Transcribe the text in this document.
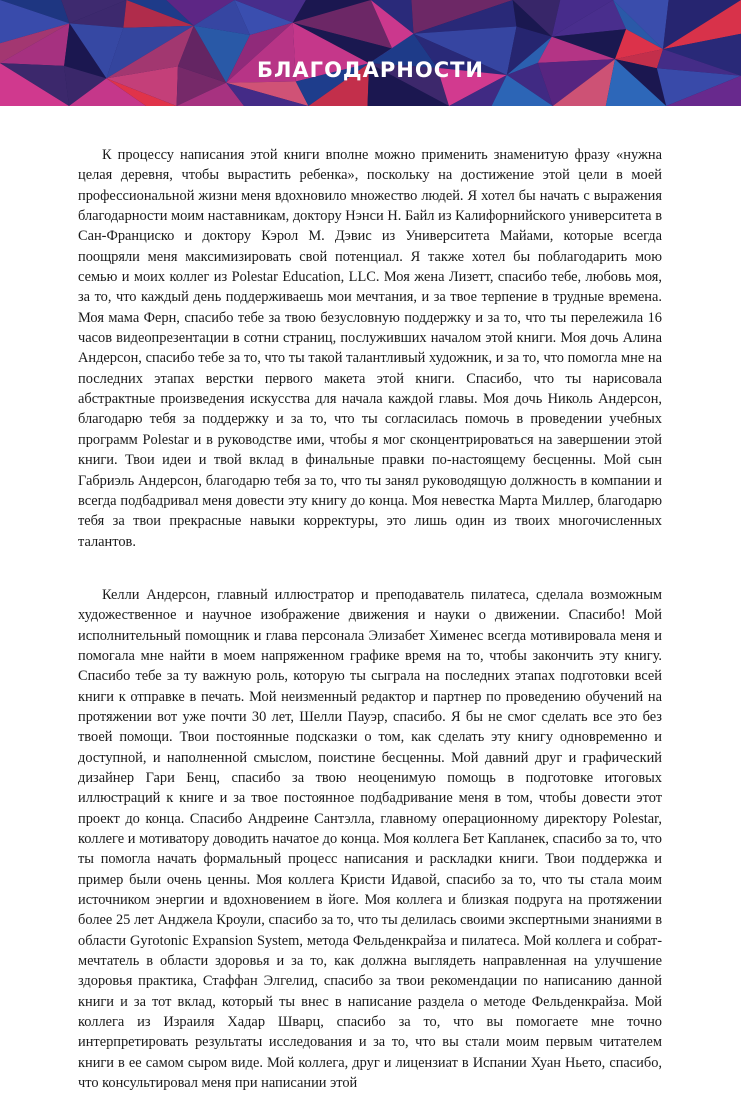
БЛАГОДАРНОСТИ

К процессу написания этой книги вполне можно применить знаменитую фразу «нужна целая деревня, чтобы вырастить ребенка», поскольку на достижение этой цели в моей профессиональной жизни меня вдохновило множество людей. Я хотел бы начать с выражения благодарности моим наставникам, доктору Нэнси Н. Байл из Калифорнийского университета в Сан-Франциско и доктору Кэрол М. Дэвис из Университета Майами, которые всегда поощряли меня максимизировать свой потенциал. Я также хотел бы поблагодарить мою семью и моих коллег из Polestar Education, LLC. Моя жена Лизетт, спасибо тебе, любовь моя, за то, что каждый день поддерживаешь мои мечтания, и за твое терпение в трудные времена. Моя мама Ферн, спасибо тебе за твою безусловную поддержку и за то, что ты перележила 16 часов видеопрезентации в сотни страниц, послуживших началом этой книги. Моя дочь Алина Андерсон, спасибо тебе за то, что ты такой талантливый художник, и за то, что помогла мне на последних этапах верстки первого макета этой книги. Спасибо, что ты нарисовала абстрактные произведения искусства для начала каждой главы. Моя дочь Николь Андерсон, благодарю тебя за поддержку и за то, что ты согласилась помочь в проведении учебных программ Polestar и в руководстве ими, чтобы я мог сконцентрироваться на завершении этой книги. Твои идеи и твой вклад в финальные правки по-настоящему бесценны. Мой сын Габриэль Андерсон, благодарю тебя за то, что ты занял руководящую должность в компании и всегда подбадривал меня довести эту книгу до конца. Моя невестка Марта Миллер, благодарю тебя за твои прекрасные навыки корректуры, это лишь один из твоих многочисленных талантов.

Келли Андерсон, главный иллюстратор и преподаватель пилатеса, сделала возможным художественное и научное изображение движения и науки о движении. Спасибо! Мой исполнительный помощник и глава персонала Элизабет Хименес всегда мотивировала меня и помогала мне найти в моем напряженном графике время на то, чтобы закончить эту книгу. Спасибо тебе за ту важную роль, которую ты сыграла на последних этапах подготовки всей книги к отправке в печать. Мой неизменный редактор и партнер по проведению обучений на протяжении вот уже почти 30 лет, Шелли Пауэр, спасибо. Я бы не смог сделать все это без твоей помощи. Твои постоянные подсказки о том, как сделать эту книгу одновременно и доступной, и наполненной смыслом, поистине бесценны. Мой давний друг и графический дизайнер Гари Бенц, спасибо за твою неоценимую помощь в подготовке итоговых иллюстраций к книге и за твое постоянное подбадривание меня в том, чтобы довести этот проект до конца. Спасибо Андреине Сантэлла, главному операционному директору Polestar, коллеге и мотиватору доводить начатое до конца. Моя коллега Бет Капланек, спасибо за то, что ты помогла начать формальный процесс написания и раскладки книги. Твои поддержка и пример были очень ценны. Моя коллега Кристи Идавой, спасибо за то, что ты стала моим источником энергии и вдохновением в йоге. Моя коллега и близкая подруга на протяжении более 25 лет Анджела Кроули, спасибо за то, что ты делилась своими экспертными знаниями в области Gyrotonic Expansion System, метода Фельденкрайза и пилатеса. Мой коллега и собрат-мечтатель в области здоровья и за то, как должна выглядеть направленная на улучшение здоровья практика, Стаффан Элгелид, спасибо за твои рекомендации по написанию данной книги и за тот вклад, который ты внес в написание раздела о методе Фельденкрайза. Мой коллега из Израиля Хадар Шварц, спасибо за то, что вы помогаете мне точно интерпретировать результаты исследования и за то, что вы стали моим первым читателем книги в ее самом сыром виде. Мой коллега, друг и лицензиат в Испании Хуан Ньето, спасибо, что консультировал меня при написании этой
